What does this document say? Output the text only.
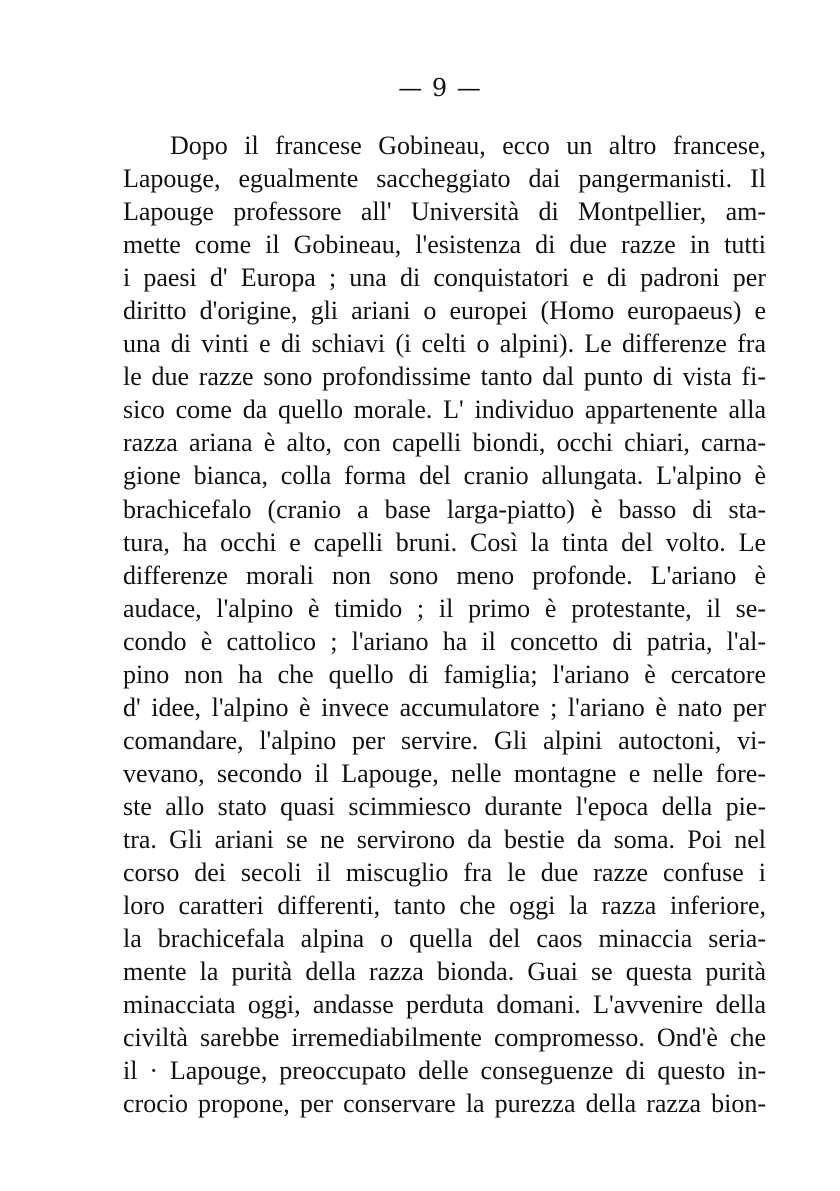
— 9 —
Dopo il francese Gobineau, ecco un altro francese,
Lapouge, egualmente saccheggiato dai pangermanisti. Il
Lapouge professore all' Università di Montpellier, am-
mette come il Gobineau, l'esistenza di due razze in tutti
i paesi d' Europa ; una di conquistatori e di padroni per
diritto d'origine, gli ariani o europei (Homo europaeus) e
una di vinti e di schiavi (i celti o alpini). Le differenze fra
le due razze sono profondissime tanto dal punto di vista fi-
sico come da quello morale. L' individuo appartenente alla
razza ariana è alto, con capelli biondi, occhi chiari, carna-
gione bianca, colla forma del cranio allungata. L'alpino è
brachicefalo (cranio a base larga-piatto) è basso di sta-
tura, ha occhi e capelli bruni. Così la tinta del volto. Le
differenze morali non sono meno profonde. L'ariano è
audace, l'alpino è timido ; il primo è protestante, il se-
condo è cattolico ; l'ariano ha il concetto di patria, l'al-
pino non ha che quello di famiglia; l'ariano è cercatore
d' idee, l'alpino è invece accumulatore ; l'ariano è nato per
comandare, l'alpino per servire. Gli alpini autoctoni, vi-
vevano, secondo il Lapouge, nelle montagne e nelle fore-
ste allo stato quasi scimmiesco durante l'epoca della pie-
tra. Gli ariani se ne servirono da bestie da soma. Poi nel
corso dei secoli il miscuglio fra le due razze confuse i
loro caratteri differenti, tanto che oggi la razza inferiore,
la brachicefala alpina o quella del caos minaccia seria-
mente la purità della razza bionda. Guai se questa purità
minacciata oggi, andasse perduta domani. L'avvenire della
civiltà sarebbe irremediabilmente compromesso. Ond'è che
il · Lapouge, preoccupato delle conseguenze di questo in-
crocio propone, per conservare la purezza della razza bion-
